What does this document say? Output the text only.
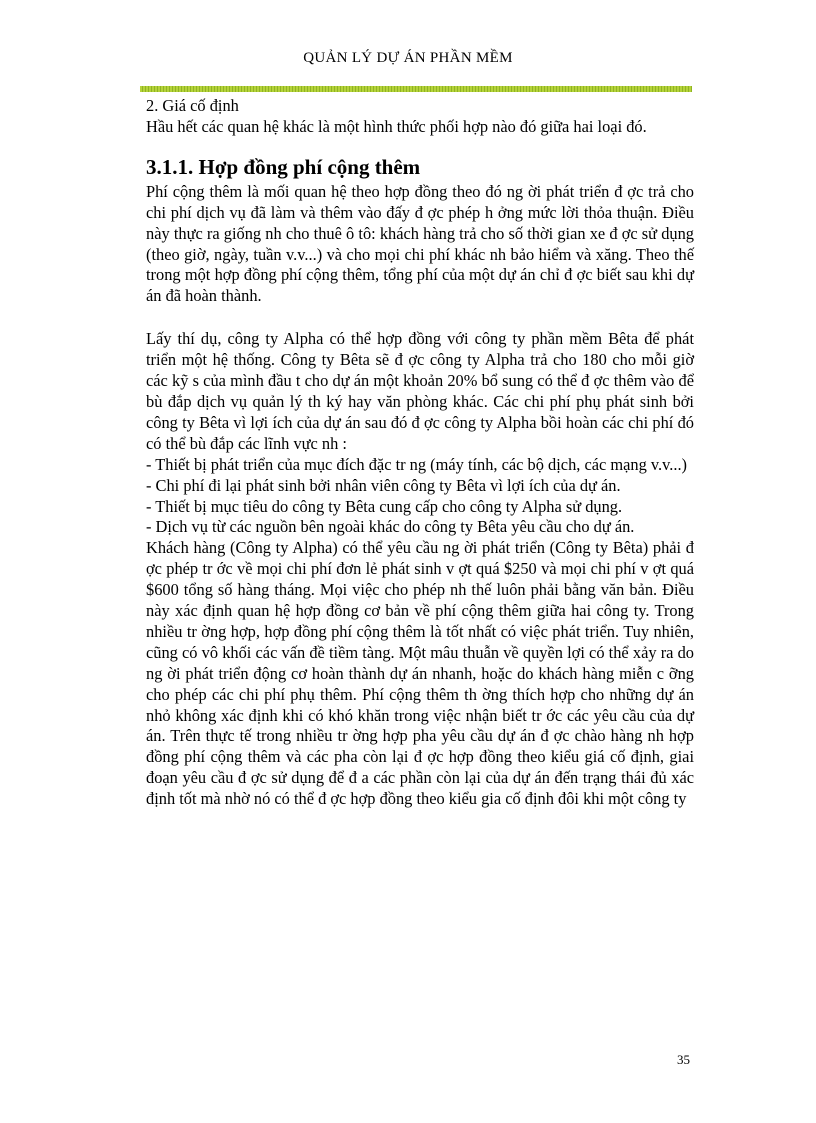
QUẢN LÝ DỰ ÁN PHẦN MỀM

2. Giá cố định

Hầu hết các quan hệ khác là một hình thức phối hợp nào đó giữa hai loại đó.

3.1.1. Hợp đồng phí cộng thêm

Phí cộng thêm là mối quan hệ theo hợp đồng theo đó ng ời phát triển đ ợc trả cho chi phí dịch vụ đã làm và thêm vào đấy đ ợc phép h ởng mức lời thỏa thuận. Điều này thực ra giống nh cho thuê ô tô: khách hàng trả cho số thời gian xe đ ợc sử dụng (theo giờ, ngày, tuần v.v...) và cho mọi chi phí khác nh bảo hiểm và xăng. Theo thế trong một hợp đồng phí cộng thêm, tổng phí của một dự án chỉ đ ợc biết sau khi dự án đã hoàn thành.

Lấy thí dụ, công ty Alpha có thể hợp đồng với công ty phần mềm Bêta để phát triển một hệ thống. Công ty Bêta sẽ đ ợc công ty Alpha trả cho 180 cho mỗi giờ các kỹ s của mình đầu t cho dự án một khoản 20% bổ sung có thể đ ợc thêm vào để bù đắp dịch vụ quản lý th ký hay văn phòng khác. Các chi phí phụ phát sinh bởi công ty Bêta vì lợi ích của dự án sau đó đ ợc công ty Alpha bồi hoàn các chi phí đó có thể bù đắp các lĩnh vực nh :

- Thiết bị phát triển của mục đích đặc tr ng (máy tính, các bộ dịch, các mạng v.v...)

- Chi phí đi lại phát sinh bởi nhân viên công ty Bêta vì lợi ích của dự án.

- Thiết bị mục tiêu do công ty Bêta cung cấp cho công ty Alpha sử dụng.

- Dịch vụ từ các nguồn bên ngoài khác do công ty Bêta yêu cầu cho dự án.

Khách hàng (Công ty Alpha) có thể yêu cầu ng ời phát triển (Công ty Bêta) phải đ ợc phép tr ớc về mọi chi phí đơn lẻ phát sinh v ợt quá $250 và mọi chi phí v ợt quá $600 tổng số hàng tháng. Mọi việc cho phép nh thế luôn phải bằng văn bản. Điều này xác định quan hệ hợp đồng cơ bản về phí cộng thêm giữa hai công ty. Trong nhiều tr ờng hợp, hợp đồng phí cộng thêm là tốt nhất có việc phát triển. Tuy nhiên, cũng có vô khối các vấn đề tiềm tàng. Một mâu thuẫn về quyền lợi có thể xảy ra do ng ời phát triển động cơ hoàn thành dự án nhanh, hoặc do khách hàng miễn c ỡng cho phép các chi phí phụ thêm. Phí cộng thêm th ờng thích hợp cho những dự án nhỏ không xác định khi có khó khăn trong việc nhận biết tr ớc các yêu cầu của dự án. Trên thực tế trong nhiều tr ờng hợp pha yêu cầu dự án đ ợc chào hàng nh hợp đồng phí cộng thêm và các pha còn lại đ ợc hợp đồng theo kiểu giá cố định, giai đoạn yêu cầu đ ợc sử dụng để đ a các phần còn lại của dự án đến trạng thái đủ xác định tốt mà nhờ nó có thể đ ợc hợp đồng theo kiểu gia cố định đôi khi một công ty

35
